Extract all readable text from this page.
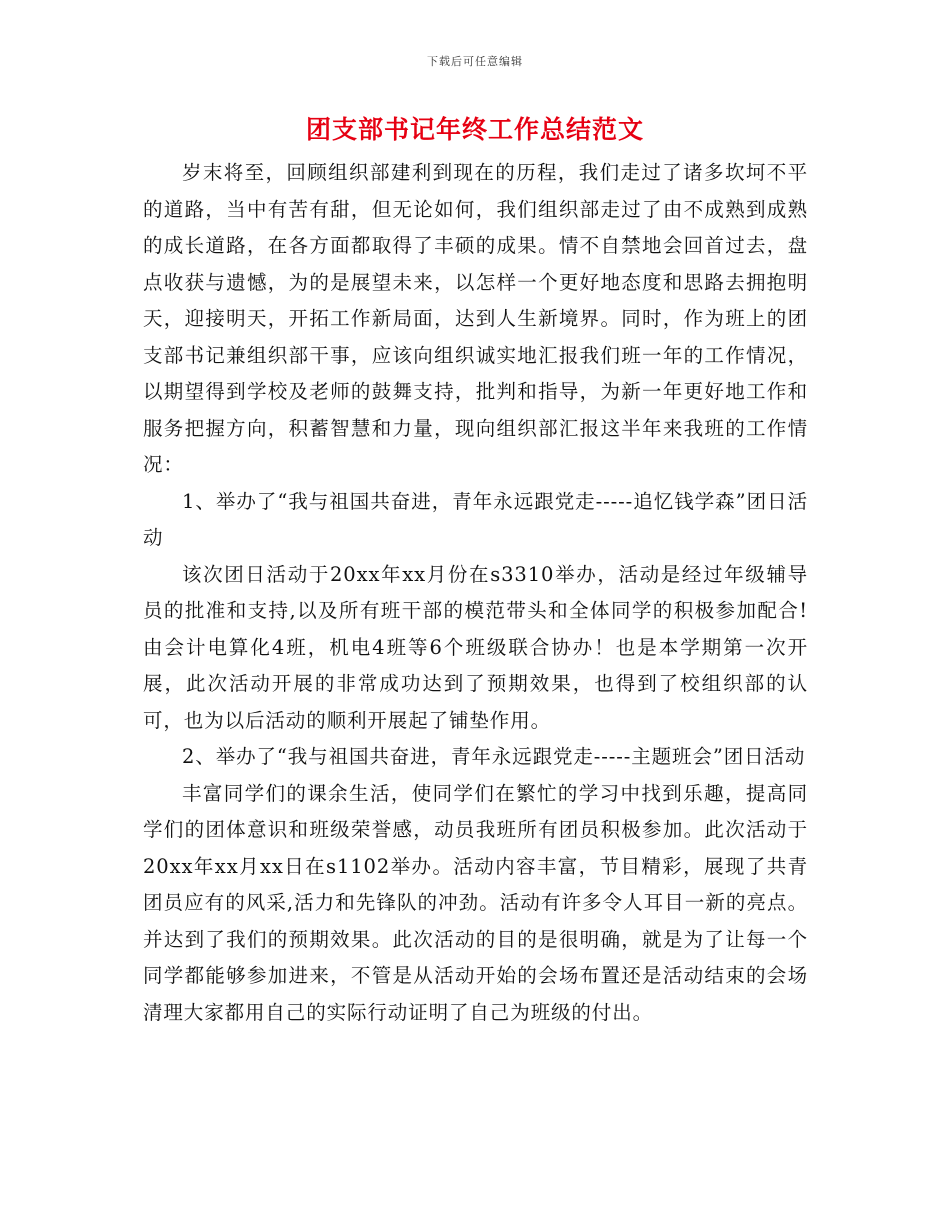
下载后可任意编辑
团支部书记年终工作总结范文

岁末将至，回顾组织部建利到现在的历程，我们走过了诸多坎坷不平的道路，当中有苦有甜，但无论如何，我们组织部走过了由不成熟到成熟的成长道路，在各方面都取得了丰硕的成果。情不自禁地会回首过去，盘点收获与遗憾，为的是展望未来，以怎样一个更好地态度和思路去拥抱明天，迎接明天，开拓工作新局面，达到人生新境界。同时，作为班上的团支部书记兼组织部干事，应该向组织诚实地汇报我们班一年的工作情况，以期望得到学校及老师的鼓舞支持，批判和指导，为新一年更好地工作和服务把握方向，积蓄智慧和力量，现向组织部汇报这半年来我班的工作情况：

1、举办了“我与祖国共奋进，青年永远跟党走-----追忆钱学森”团日活动

该次团日活动于20xx年xx月份在s3310举办，活动是经过年级辅导员的批准和支持,以及所有班干部的模范带头和全体同学的积极参加配合!由会计电算化4班，机电4班等6个班级联合协办！也是本学期第一次开展，此次活动开展的非常成功达到了预期效果，也得到了校组织部的认可，也为以后活动的顺利开展起了铺垫作用。

2、举办了“我与祖国共奋进，青年永远跟党走-----主题班会”团日活动

丰富同学们的课余生活，使同学们在繁忙的学习中找到乐趣，提高同学们的团体意识和班级荣誉感，动员我班所有团员积极参加。此次活动于20xx年xx月xx日在s1102举办。活动内容丰富，节目精彩，展现了共青团员应有的风采,活力和先锋队的冲劲。活动有许多令人耳目一新的亮点。并达到了我们的预期效果。此次活动的目的是很明确，就是为了让每一个同学都能够参加进来，不管是从活动开始的会场布置还是活动结束的会场清理大家都用自己的实际行动证明了自己为班级的付出。
